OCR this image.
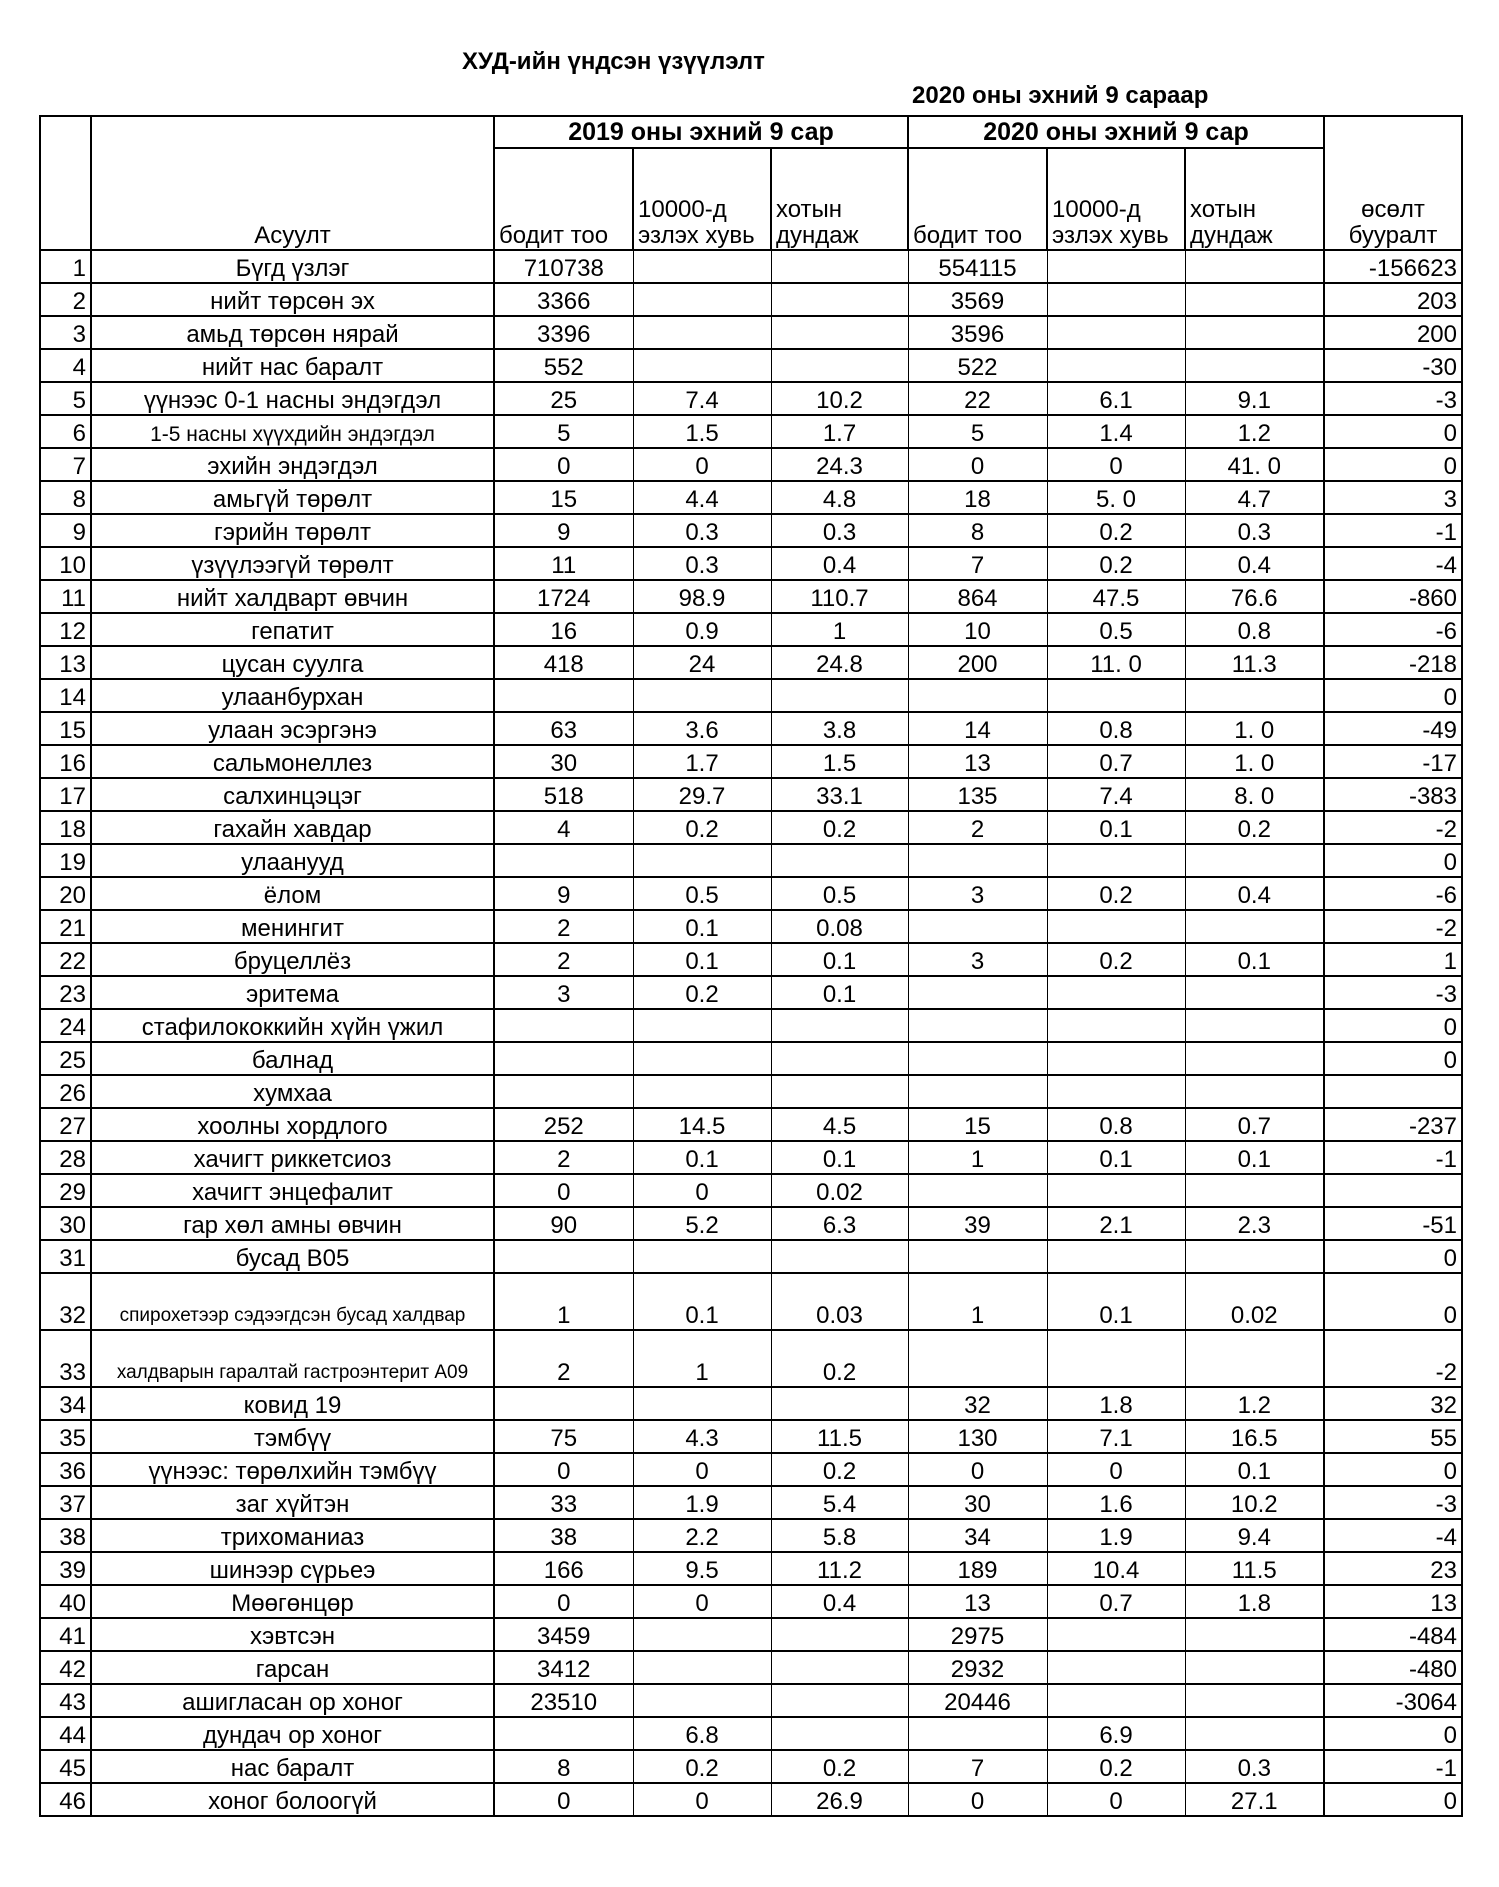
ХУД-ийн үндсэн үзүүлэлт
2020 оны эхний 9 сараар
	Асуулт	2019 оны эхний 9 сар			2020 оны эхний 9 сар			өсөлт бууралт
		бодит тоо	10000-д эзлэх хувь	хотын дундаж	бодит тоо	10000-д эзлэх хувь	хотын дундаж	
1	Бүгд үзлэг	710738			554115			-156623
2	нийт төрсөн эх	3366			3569			203
3	амьд төрсөн нярай	3396			3596			200
4	нийт нас баралт	552			522			-30
5	үүнээс 0-1 насны эндэгдэл	25	7.4	10.2	22	6.1	9.1	-3
6	1-5 насны хүүхдийн эндэгдэл	5	1.5	1.7	5	1.4	1.2	0
7	эхийн эндэгдэл	0	0	24.3	0	0	41. 0	0
8	амьгүй төрөлт	15	4.4	4.8	18	5. 0	4.7	3
9	гэрийн төрөлт	9	0.3	0.3	8	0.2	0.3	-1
10	үзүүлээгүй төрөлт	11	0.3	0.4	7	0.2	0.4	-4
11	нийт халдварт өвчин	1724	98.9	110.7	864	47.5	76.6	-860
12	гепатит	16	0.9	1	10	0.5	0.8	-6
13	цусан суулга	418	24	24.8	200	11. 0	11.3	-218
14	улаанбурхан							0
15	улаан эсэргэнэ	63	3.6	3.8	14	0.8	1. 0	-49
16	сальмонеллез	30	1.7	1.5	13	0.7	1. 0	-17
17	салхинцэцэг	518	29.7	33.1	135	7.4	8. 0	-383
18	гахайн хавдар	4	0.2	0.2	2	0.1	0.2	-2
19	улаанууд							0
20	ёлом	9	0.5	0.5	3	0.2	0.4	-6
21	менингит	2	0.1	0.08				-2
22	бруцеллёз	2	0.1	0.1	3	0.2	0.1	1
23	эритема	3	0.2	0.1				-3
24	стафилококкийн хүйн үжил							0
25	балнад							0
26	хумхаа							
27	хоолны хордлого	252	14.5	4.5	15	0.8	0.7	-237
28	хачигт риккетсиоз	2	0.1	0.1	1	0.1	0.1	-1
29	хачигт энцефалит	0	0	0.02				
30	гар хөл амны өвчин	90	5.2	6.3	39	2.1	2.3	-51
31	бусад В05							0
32	спирохетээр сэдээгдсэн бусад халдвар	1	0.1	0.03	1	0.1	0.02	0
33	халдварын гаралтай гастроэнтерит А09	2	1	0.2				-2
34	ковид 19				32	1.8	1.2	32
35	тэмбүү	75	4.3	11.5	130	7.1	16.5	55
36	үүнээс: төрөлхийн тэмбүү	0	0	0.2	0	0	0.1	0
37	заг хүйтэн	33	1.9	5.4	30	1.6	10.2	-3
38	трихоманиаз	38	2.2	5.8	34	1.9	9.4	-4
39	шинээр сүрьеэ	166	9.5	11.2	189	10.4	11.5	23
40	Мөөгөнцөр	0	0	0.4	13	0.7	1.8	13
41	хэвтсэн	3459			2975			-484
42	гарсан	3412			2932			-480
43	ашигласан ор хоног	23510			20446			-3064
44	дундач ор хоног		6.8			6.9		0
45	нас баралт	8	0.2	0.2	7	0.2	0.3	-1
46	хоног болоогүй	0	0	26.9	0	0	27.1	0
